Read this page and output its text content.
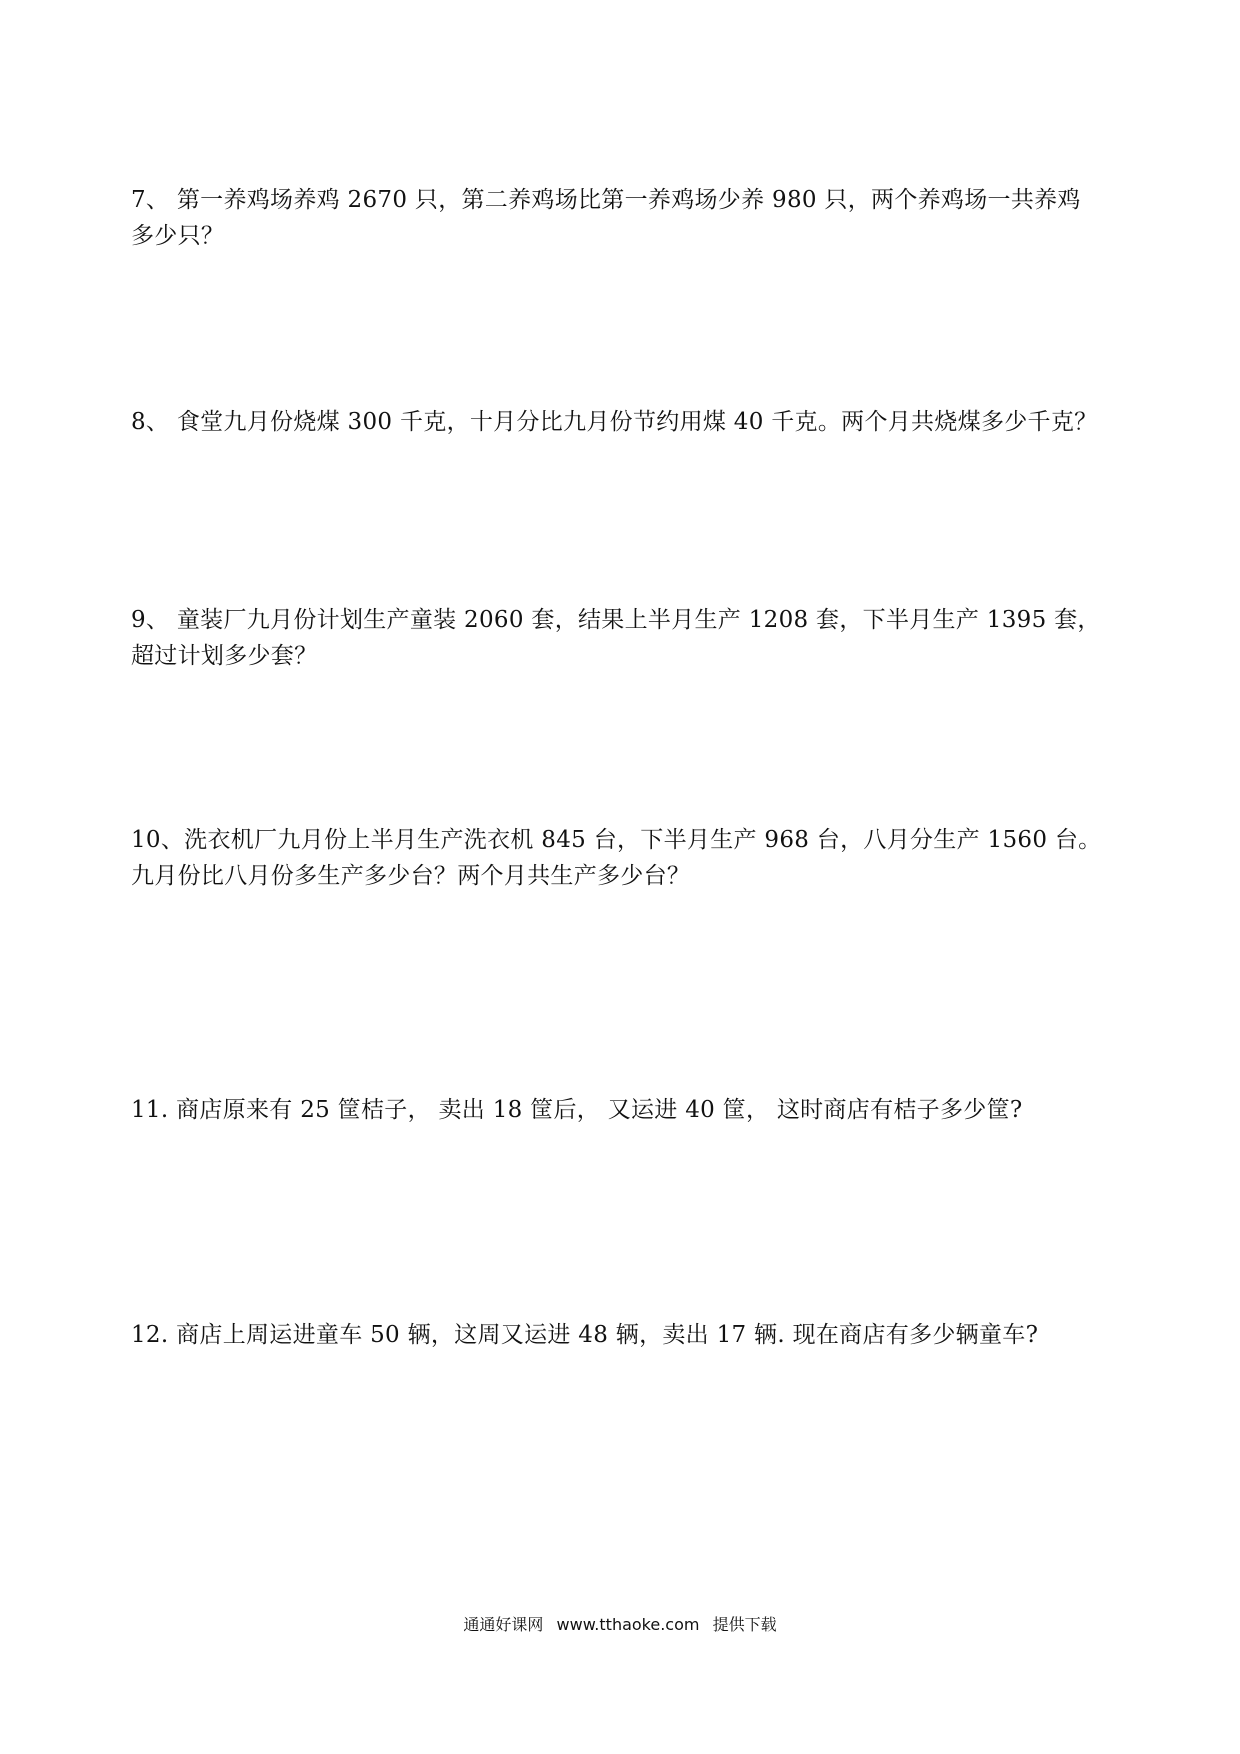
7、 第一养鸡场养鸡 2670 只，第二养鸡场比第一养鸡场少养 980 只，两个养鸡场一共养鸡

多少只？

8、 食堂九月份烧煤 300 千克，十月分比九月份节约用煤 40 千克。两个月共烧煤多少千克？

9、 童装厂九月份计划生产童装 2060 套，结果上半月生产 1208 套，下半月生产 1395 套，

超过计划多少套？

10、洗衣机厂九月份上半月生产洗衣机 845 台，下半月生产 968 台，八月分生产 1560 台。

九月份比八月份多生产多少台？两个月共生产多少台？

11. 商店原来有 25 筐桔子， 卖出 18 筐后， 又运进 40 筐， 这时商店有桔子多少筐?

12. 商店上周运进童车 50 辆，这周又运进 48 辆，卖出 17 辆. 现在商店有多少辆童车?

通通好课网 www.tthaoke.com 提供下载
